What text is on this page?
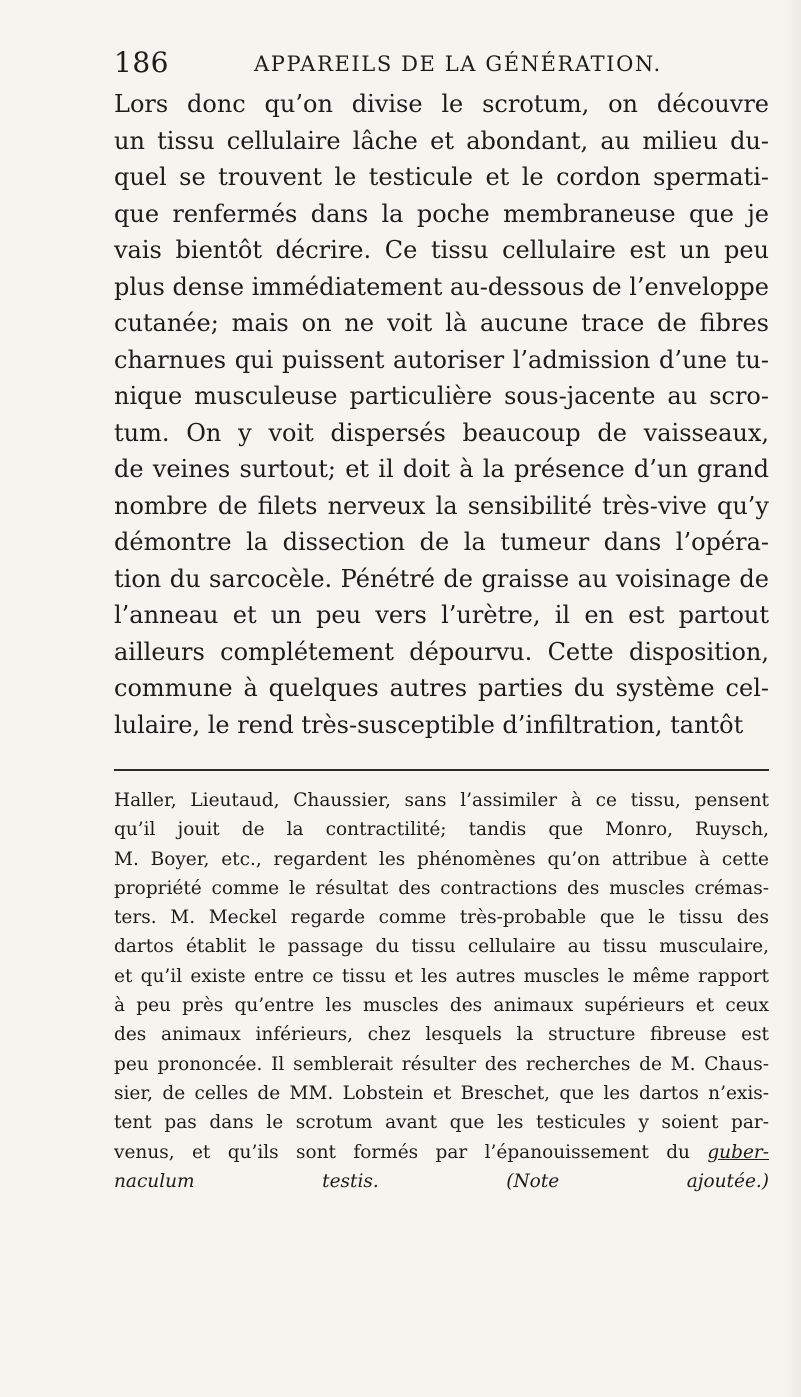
186	APPAREILS DE LA GÉNÉRATION.
Lors donc qu’on divise le scrotum, on découvre
un tissu cellulaire lâche et abondant, au milieu du-
quel se trouvent le testicule et le cordon spermati-
que renfermés dans la poche membraneuse que je
vais bientôt décrire. Ce tissu cellulaire est un peu
plus dense immédiatement au-dessous de l’enveloppe
cutanée; mais on ne voit là aucune trace de fibres
charnues qui puissent autoriser l’admission d’une tu-
nique musculeuse particulière sous-jacente au scro-
tum. On y voit dispersés beaucoup de vaisseaux,
de veines surtout; et il doit à la présence d’un grand
nombre de filets nerveux la sensibilité très-vive qu’y
démontre la dissection de la tumeur dans l’opéra-
tion du sarcocèle. Pénétré de graisse au voisinage de
l’anneau et un peu vers l’urètre, il en est partout
ailleurs complétement dépourvu. Cette disposition,
commune à quelques autres parties du système cel-
lulaire, le rend très-susceptible d’infiltration, tantôt
Haller, Lieutaud, Chaussier, sans l’assimiler à ce tissu, pensent
qu’il jouit de la contractilité; tandis que Monro, Ruysch,
M. Boyer, etc., regardent les phénomènes qu’on attribue à cette
propriété comme le résultat des contractions des muscles crémas-
ters. M. Meckel regarde comme très-probable que le tissu des
dartos établit le passage du tissu cellulaire au tissu musculaire,
et qu’il existe entre ce tissu et les autres muscles le même rapport
à peu près qu’entre les muscles des animaux supérieurs et ceux
des animaux inférieurs, chez lesquels la structure fibreuse est
peu prononcée. Il semblerait résulter des recherches de M. Chaus-
sier, de celles de MM. Lobstein et Breschet, que les dartos n’exis-
tent pas dans le scrotum avant que les testicules y soient par-
venus, et qu’ils sont formés par l’épanouissement du guber-
naculum testis.	(Note ajoutée.)
